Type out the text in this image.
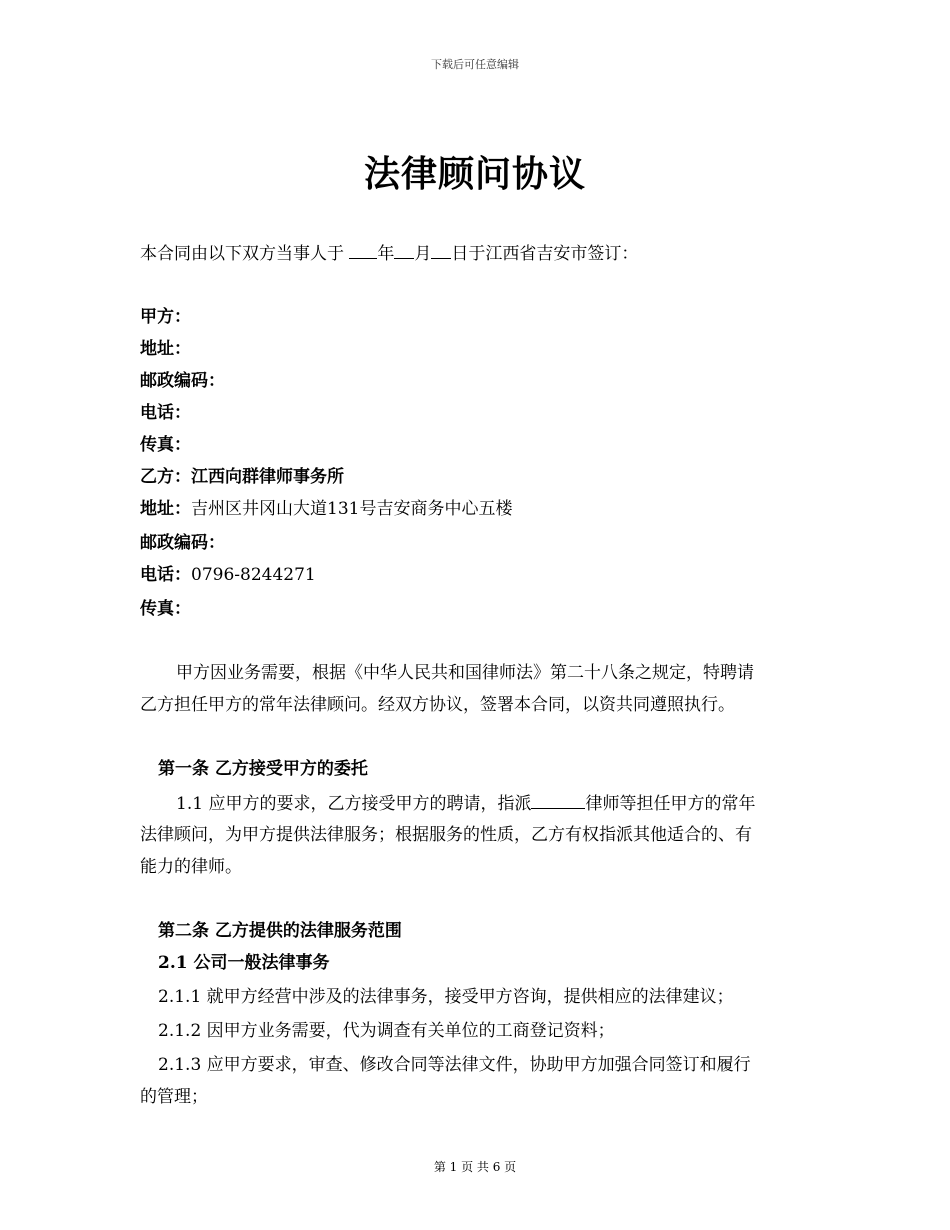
下载后可任意编辑
法律顾问协议
本合同由以下双方当事人于 年 月 日于江西省吉安市签订：
甲方：
地址：
邮政编码：
电话：
传真：
乙方：江西向群律师事务所
地址：吉州区井冈山大道131号吉安商务中心五楼
邮政编码：
电话：0796-8244271
传真：
甲方因业务需要，根据《中华人民共和国律师法》第二十八条之规定，特聘请
乙方担任甲方的常年法律顾问。经双方协议，签署本合同，以资共同遵照执行。
第一条 乙方接受甲方的委托
1.1 应甲方的要求，乙方接受甲方的聘请，指派	律师等担任甲方的常年
法律顾问，为甲方提供法律服务；根据服务的性质，乙方有权指派其他适合的、有
能力的律师。
第二条 乙方提供的法律服务范围
2.1 公司一般法律事务
2.1.1 就甲方经营中涉及的法律事务，接受甲方咨询，提供相应的法律建议；
2.1.2 因甲方业务需要，代为调查有关单位的工商登记资料；
2.1.3 应甲方要求，审查、修改合同等法律文件，协助甲方加强合同签订和履行
的管理；
第 1 页 共 6 页
